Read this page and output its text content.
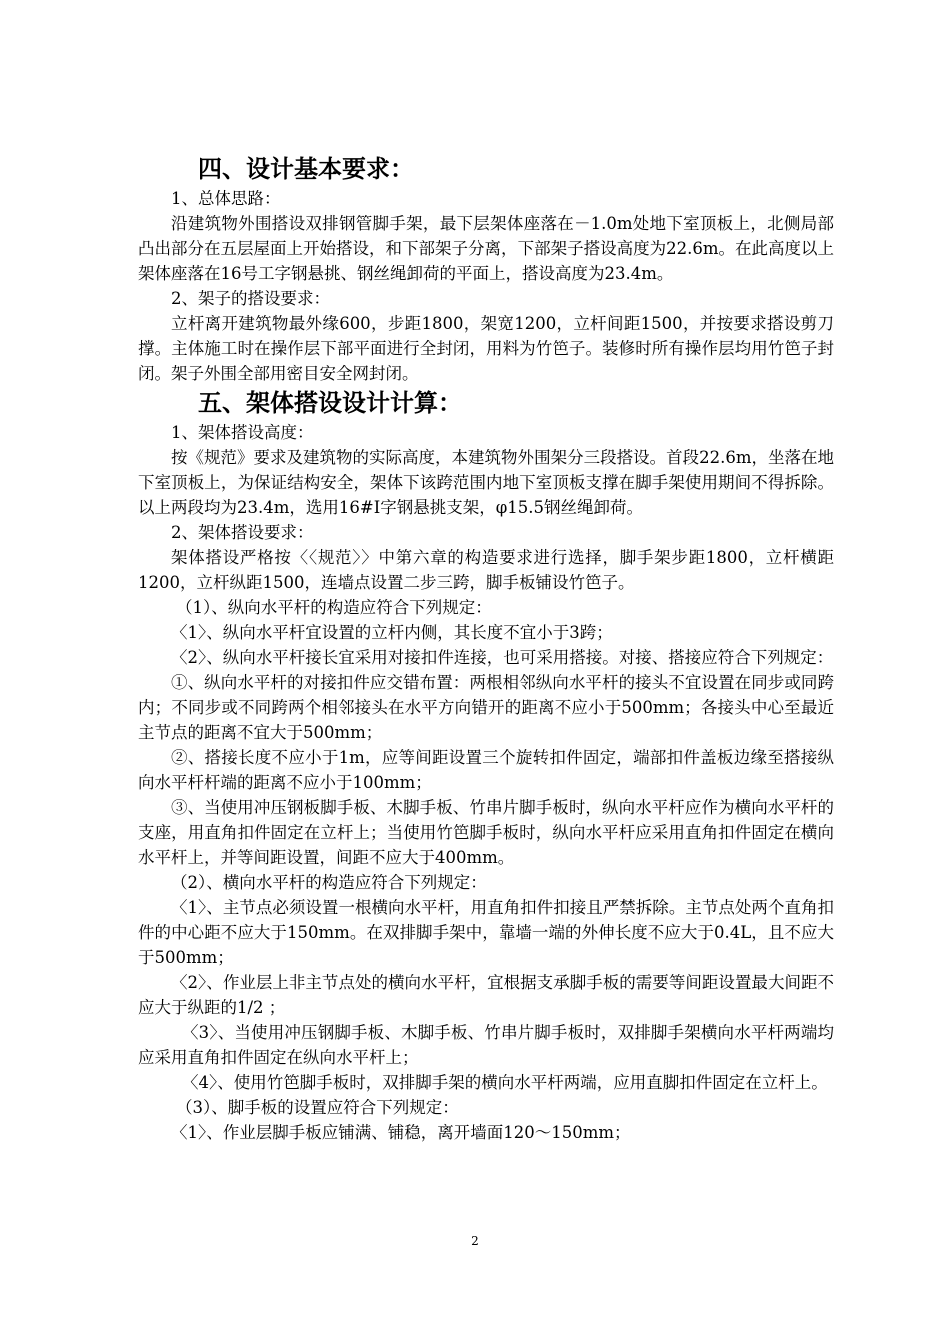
四、设计基本要求：

1、总体思路：

沿建筑物外围搭设双排钢管脚手架，最下层架体座落在－1.0m处地下室顶板上，北侧局部凸出部分在五层屋面上开始搭设，和下部架子分离，下部架子搭设高度为22.6m。在此高度以上架体座落在16号工字钢悬挑、钢丝绳卸荷的平面上，搭设高度为23.4m。

2、架子的搭设要求：

立杆离开建筑物最外缘600，步距1800，架宽1200，立杆间距1500，并按要求搭设剪刀撑。主体施工时在操作层下部平面进行全封闭，用料为竹笆子。装修时所有操作层均用竹笆子封闭。架子外围全部用密目安全网封闭。

五、架体搭设设计计算：

1、架体搭设高度：

按《规范》要求及建筑物的实际高度，本建筑物外围架分三段搭设。首段22.6m，坐落在地下室顶板上，为保证结构安全，架体下该跨范围内地下室顶板支撑在脚手架使用期间不得拆除。以上两段均为23.4m，选用16#I字钢悬挑支架，φ15.5钢丝绳卸荷。

2、架体搭设要求：

架体搭设严格按〈〈规范〉〉中第六章的构造要求进行选择，脚手架步距1800，立杆横距1200，立杆纵距1500，连墙点设置二步三跨，脚手板铺设竹笆子。

（1）、纵向水平杆的构造应符合下列规定：

〈1〉、纵向水平杆宜设置的立杆内侧，其长度不宜小于3跨；

〈2〉、纵向水平杆接长宜采用对接扣件连接，也可采用搭接。对接、搭接应符合下列规定：

①、纵向水平杆的对接扣件应交错布置：两根相邻纵向水平杆的接头不宜设置在同步或同跨内；不同步或不同跨两个相邻接头在水平方向错开的距离不应小于500mm；各接头中心至最近主节点的距离不宜大于500mm；

②、搭接长度不应小于1m，应等间距设置三个旋转扣件固定，端部扣件盖板边缘至搭接纵向水平杆杆端的距离不应小于100mm；

③、当使用冲压钢板脚手板、木脚手板、竹串片脚手板时，纵向水平杆应作为横向水平杆的支座，用直角扣件固定在立杆上；当使用竹笆脚手板时，纵向水平杆应采用直角扣件固定在横向水平杆上，并等间距设置，间距不应大于400mm。

（2）、横向水平杆的构造应符合下列规定：

〈1〉、主节点必须设置一根横向水平杆，用直角扣件扣接且严禁拆除。主节点处两个直角扣件的中心距不应大于150mm。在双排脚手架中，靠墙一端的外伸长度不应大于0.4L，且不应大于500mm；

〈2〉、作业层上非主节点处的横向水平杆，宜根据支承脚手板的需要等间距设置最大间距不应大于纵距的1/2 ；

〈3〉、当使用冲压钢脚手板、木脚手板、竹串片脚手板时，双排脚手架横向水平杆两端均应采用直角扣件固定在纵向水平杆上；

〈4〉、使用竹笆脚手板时，双排脚手架的横向水平杆两端，应用直脚扣件固定在立杆上。

（3）、脚手板的设置应符合下列规定：

〈1〉、作业层脚手板应铺满、铺稳，离开墙面120～150mm；

2
